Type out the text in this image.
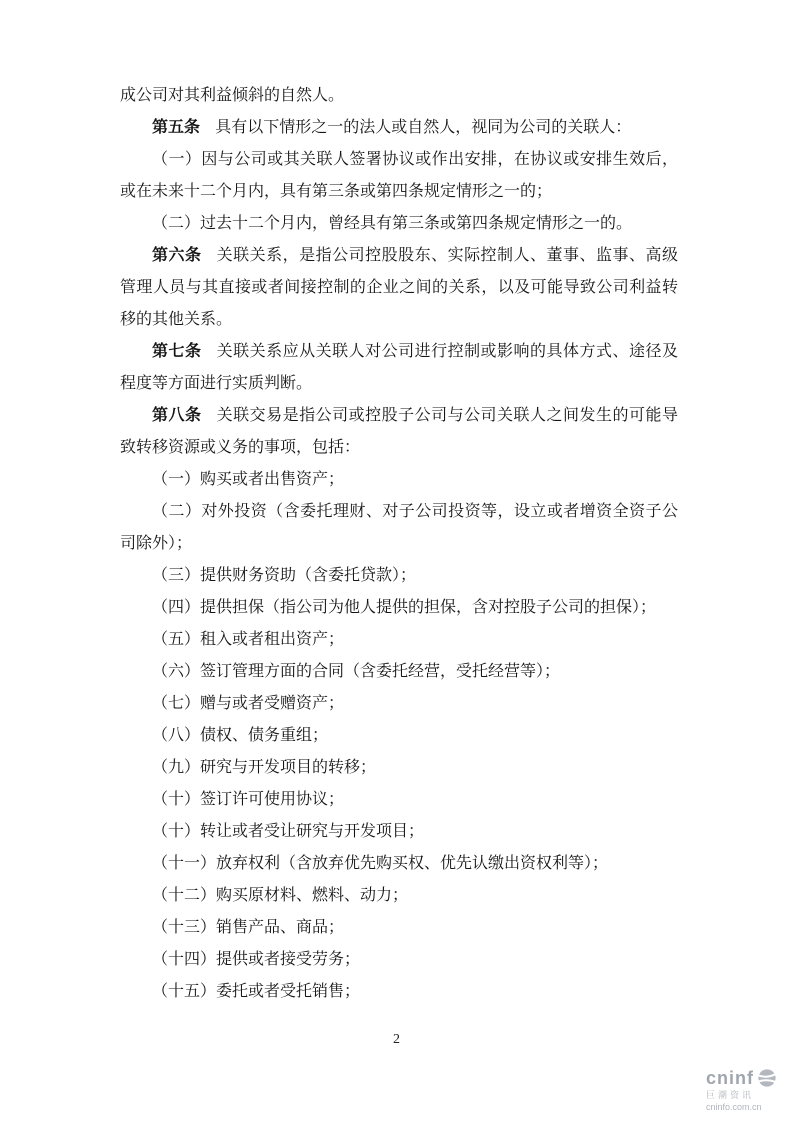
成公司对其利益倾斜的自然人。

第五条 具有以下情形之一的法人或自然人，视同为公司的关联人：

（一）因与公司或其关联人签署协议或作出安排，在协议或安排生效后，或在未来十二个月内，具有第三条或第四条规定情形之一的；

（二）过去十二个月内，曾经具有第三条或第四条规定情形之一的。

第六条 关联关系，是指公司控股股东、实际控制人、董事、监事、高级管理人员与其直接或者间接控制的企业之间的关系，以及可能导致公司利益转移的其他关系。

第七条 关联关系应从关联人对公司进行控制或影响的具体方式、途径及程度等方面进行实质判断。

第八条 关联交易是指公司或控股子公司与公司关联人之间发生的可能导致转移资源或义务的事项，包括：

（一）购买或者出售资产；

（二）对外投资（含委托理财、对子公司投资等，设立或者增资全资子公司除外）；

（三）提供财务资助（含委托贷款）；

（四）提供担保（指公司为他人提供的担保，含对控股子公司的担保）；

（五）租入或者租出资产；

（六）签订管理方面的合同（含委托经营，受托经营等）；

（七）赠与或者受赠资产；

（八）债权、债务重组；

（九）研究与开发项目的转移；

（十）签订许可使用协议；

（十）转让或者受让研究与开发项目；

（十一）放弃权利（含放弃优先购买权、优先认缴出资权利等）；

（十二）购买原材料、燃料、动力；

（十三）销售产品、商品；

（十四）提供或者接受劳务；

（十五）委托或者受托销售；

2
cninf
巨潮资讯
cninfo.com.cn
